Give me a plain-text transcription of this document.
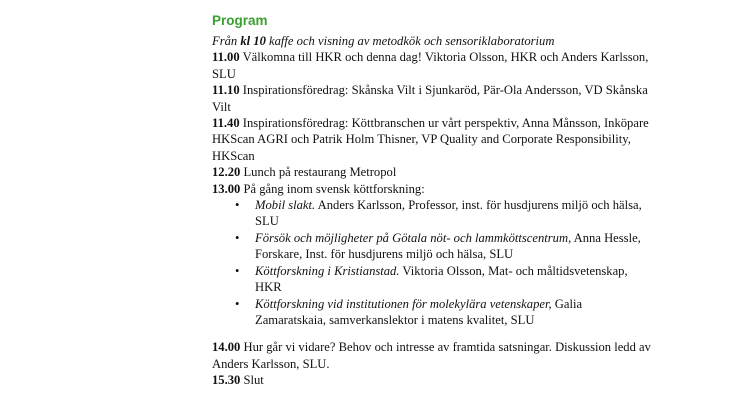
Program
Från kl 10 kaffe och visning av metodkök och sensoriklaboratorium
11.00 Välkomna till HKR och denna dag! Viktoria Olsson, HKR och Anders Karlsson, SLU
11.10 Inspirationsföredrag: Skånska Vilt i Sjunkaröd, Pär-Ola Andersson, VD Skånska Vilt
11.40 Inspirationsföredrag: Köttbranschen ur vårt perspektiv, Anna Månsson, Inköpare HKScan AGRI och Patrik Holm Thisner, VP Quality and Corporate Responsibility, HKScan
12.20 Lunch på restaurang Metropol
13.00 På gång inom svensk köttforskning:
• Mobil slakt. Anders Karlsson, Professor, inst. för husdjurens miljö och hälsa, SLU
• Försök och möjligheter på Götala nöt- och lammköttscentrum, Anna Hessle, Forskare, Inst. för husdjurens miljö och hälsa, SLU
• Köttforskning i Kristianstad. Viktoria Olsson, Mat- och måltidsvetenskap, HKR
• Köttforskning vid institutionen för molekylära vetenskaper, Galia Zamaratskaia, samverkanslektor i matens kvalitet, SLU
14.00 Hur går vi vidare? Behov och intresse av framtida satsningar. Diskussion ledd av Anders Karlsson, SLU.
15.30 Slut
